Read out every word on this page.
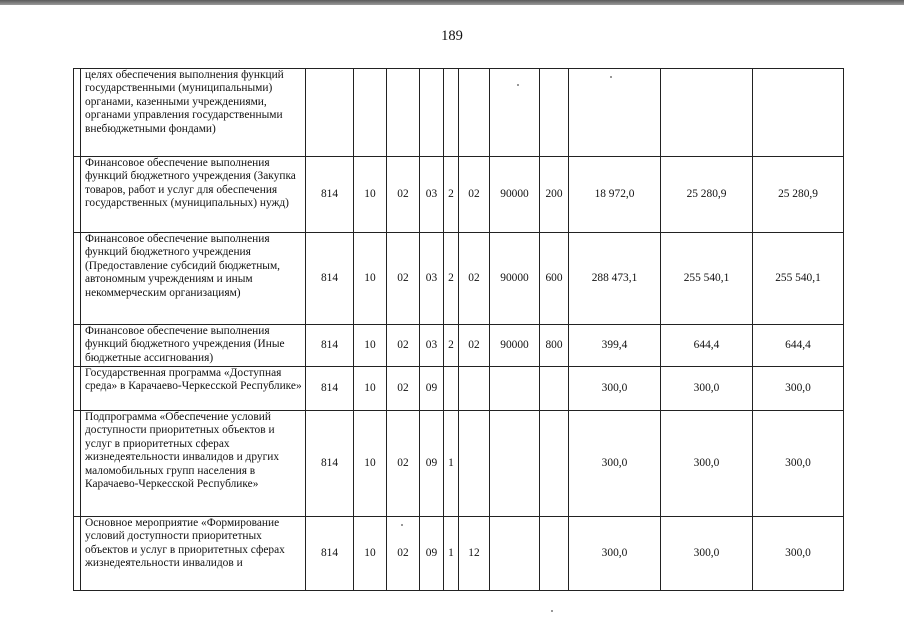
189
	целях обеспечения выполнения функций государственными (муниципальными) органами, казенными учреждениями, органами управления государственными внебюджетными фондами)											
	Финансовое обеспечение выполнения функций бюджетного учреждения (Закупка товаров, работ и услуг для обеспечения государственных (муниципальных) нужд)	814	10	02	03	2	02	90000	200	18 972,0	25 280,9	25 280,9
	Финансовое обеспечение выполнения функций бюджетного учреждения (Предоставление субсидий бюджетным, автономным учреждениям и иным некоммерческим организациям)	814	10	02	03	2	02	90000	600	288 473,1	255 540,1	255 540,1
	Финансовое обеспечение выполнения функций бюджетного учреждения (Иные бюджетные ассигнования)	814	10	02	03	2	02	90000	800	399,4	644,4	644,4
	Государственная программа «Доступная среда» в Карачаево-Черкесской Республике»	814	10	02	09					300,0	300,0	300,0
	Подпрограмма «Обеспечение условий доступности приоритетных объектов и услуг в приоритетных сферах жизнедеятельности инвалидов и других маломобильных групп населения в Карачаево-Черкесской Республике»	814	10	02	09	1				300,0	300,0	300,0
	Основное мероприятие «Формирование условий доступности приоритетных объектов и услуг в приоритетных сферах жизнедеятельности инвалидов и	814	10	02	09	1	12			300,0	300,0	300,0
